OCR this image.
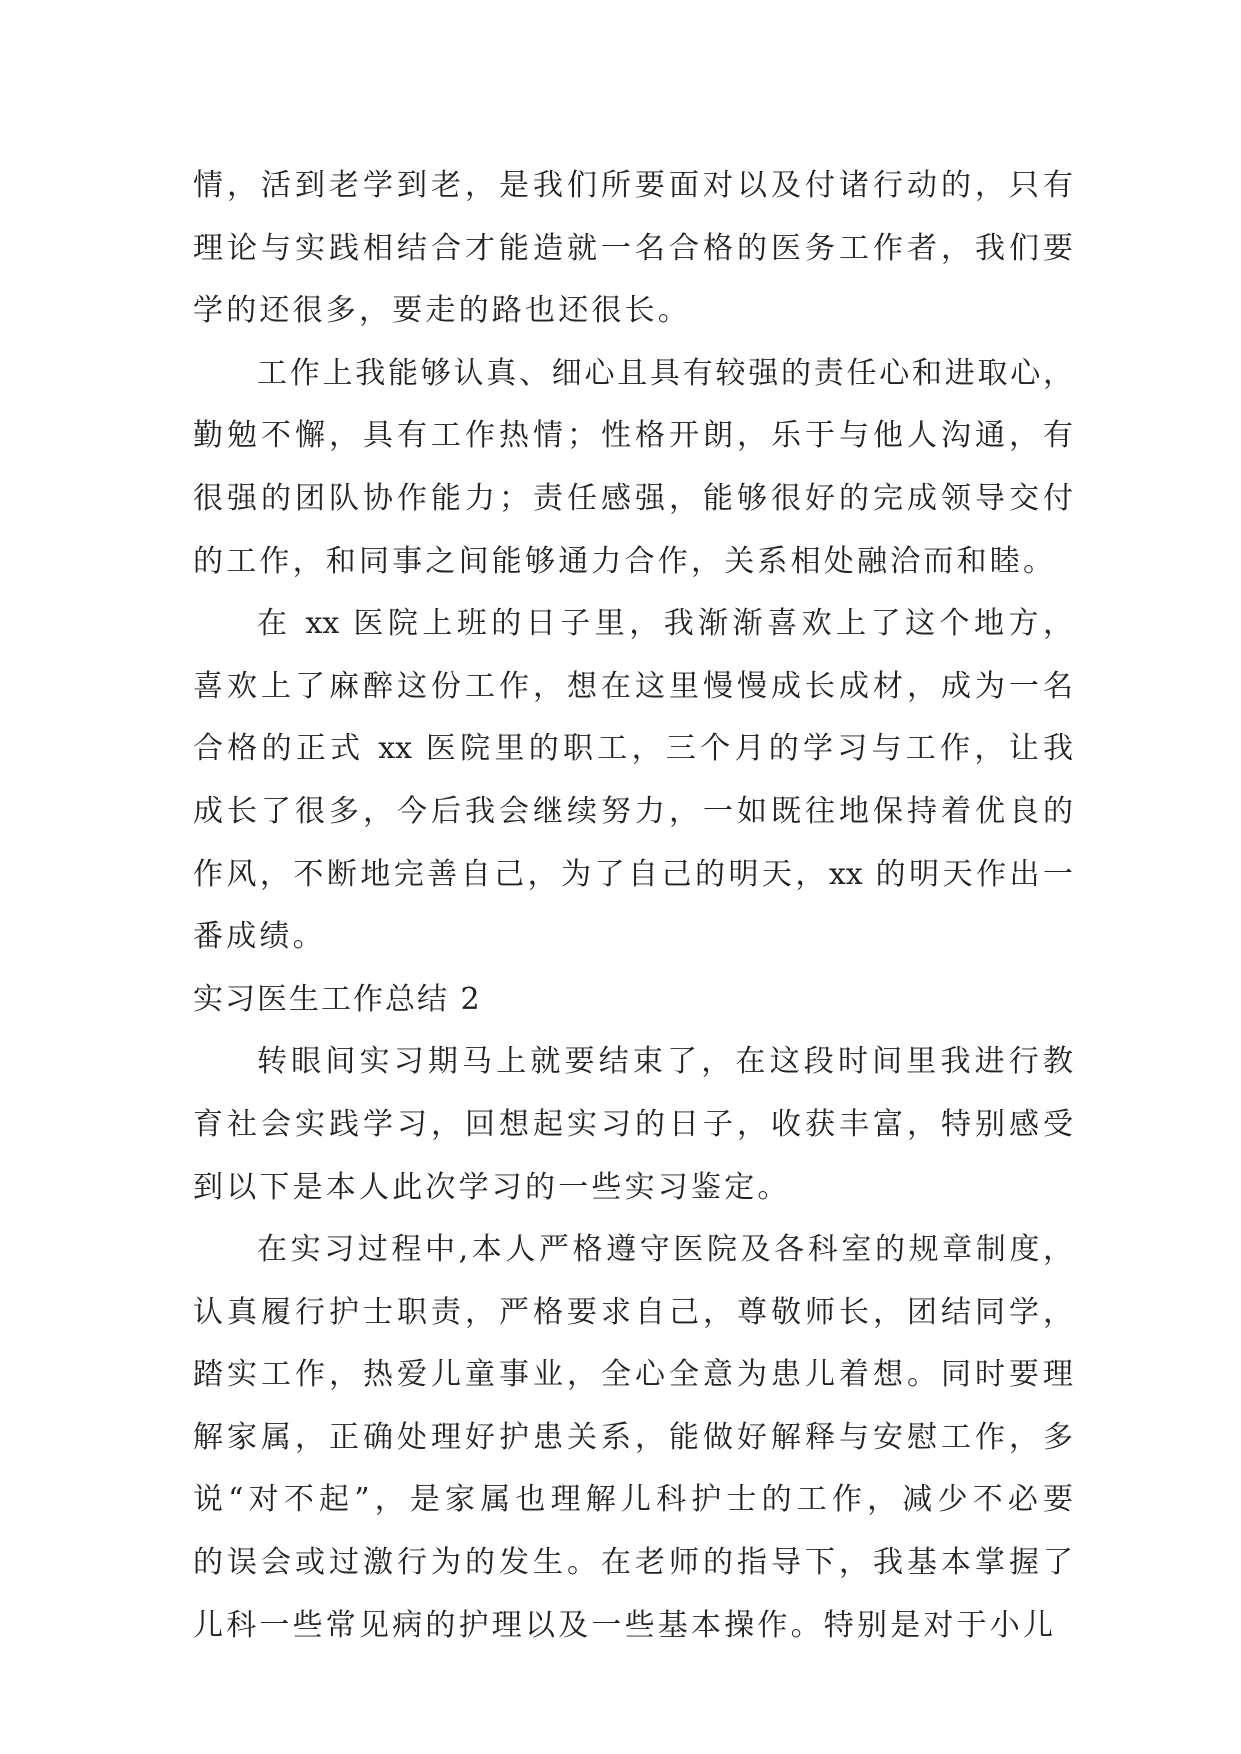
情，活到老学到老，是我们所要面对以及付诸行动的，只有
理论与实践相结合才能造就一名合格的医务工作者，我们要
学的还很多，要走的路也还很长。
工作上我能够认真、细心且具有较强的责任心和进取心，
勤勉不懈，具有工作热情；性格开朗，乐于与他人沟通，有
很强的团队协作能力；责任感强，能够很好的完成领导交付
的工作，和同事之间能够通力合作，关系相处融洽而和睦。
在 xx 医院上班的日子里，我渐渐喜欢上了这个地方，
喜欢上了麻醉这份工作，想在这里慢慢成长成材，成为一名
合格的正式 xx 医院里的职工，三个月的学习与工作，让我
成长了很多，今后我会继续努力，一如既往地保持着优良的
作风，不断地完善自己，为了自己的明天，xx 的明天作出一
番成绩。
实习医生工作总结 2
转眼间实习期马上就要结束了，在这段时间里我进行教
育社会实践学习，回想起实习的日子，收获丰富，特别感受
到以下是本人此次学习的一些实习鉴定。
在实习过程中,本人严格遵守医院及各科室的规章制度，
认真履行护士职责，严格要求自己，尊敬师长，团结同学，
踏实工作，热爱儿童事业，全心全意为患儿着想。同时要理
解家属，正确处理好护患关系，能做好解释与安慰工作，多
说“对不起”，是家属也理解儿科护士的工作，减少不必要
的误会或过激行为的发生。在老师的指导下，我基本掌握了
儿科一些常见病的护理以及一些基本操作。特别是对于小儿
